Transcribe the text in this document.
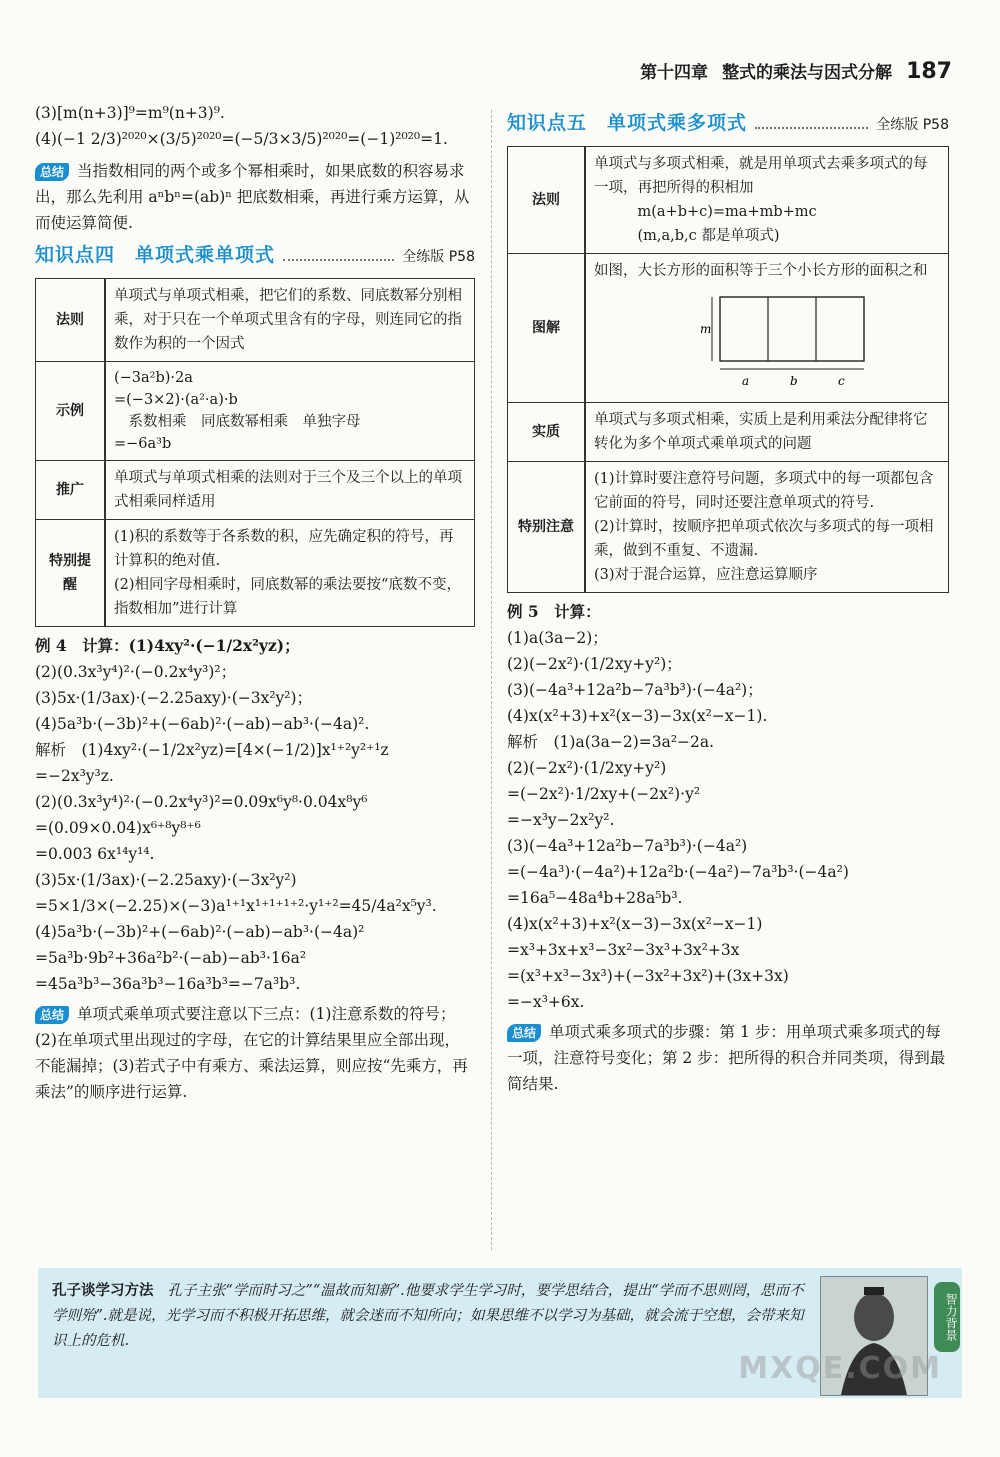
第十四章 整式的乘法与因式分解 187
(3)[m(n+3)]⁹=m⁹(n+3)⁹.
(4)(−1 2/3)²⁰²⁰×(3/5)²⁰²⁰=(−5/3×3/5)²⁰²⁰=(−1)²⁰²⁰=1.
总结 当指数相同的两个或多个幂相乘时，如果底数的积容易求出，那么先利用 aⁿbⁿ=(ab)ⁿ 把底数相乘，再进行乘方运算，从而使运算简便.
知识点四　单项式乘单项式	全练版 P58
法则	单项式与单项式相乘，把它们的系数、同底数幂分别相乘，对于只在一个单项式里含有的字母，则连同它的指数作为积的一个因式
示例	(−3a²b)·2a
=(−3×2)·(a²·a)·b
　系数相乘　同底数幂相乘　单独字母
=−6a³b
推广	单项式与单项式相乘的法则对于三个及三个以上的单项式相乘同样适用
特别提醒	(1)积的系数等于各系数的积，应先确定积的符号，再计算积的绝对值.
(2)相同字母相乘时，同底数幂的乘法要按“底数不变，指数相加”进行计算
例 4　计算：(1)4xy²·(−1/2x²yz)；
(2)(0.3x³y⁴)²·(−0.2x⁴y³)²；
(3)5x·(1/3ax)·(−2.25axy)·(−3x²y²)；
(4)5a³b·(−3b)²+(−6ab)²·(−ab)−ab³·(−4a)².
解析　(1)4xy²·(−1/2x²yz)=[4×(−1/2)]x¹⁺²y²⁺¹z
=−2x³y³z.
(2)(0.3x³y⁴)²·(−0.2x⁴y³)²=0.09x⁶y⁸·0.04x⁸y⁶
=(0.09×0.04)x⁶⁺⁸y⁸⁺⁶
=0.003 6x¹⁴y¹⁴.
(3)5x·(1/3ax)·(−2.25axy)·(−3x²y²)
=5×1/3×(−2.25)×(−3)a¹⁺¹x¹⁺¹⁺¹⁺²·y¹⁺²=45/4a²x⁵y³.
(4)5a³b·(−3b)²+(−6ab)²·(−ab)−ab³·(−4a)²
=5a³b·9b²+36a²b²·(−ab)−ab³·16a²
=45a³b³−36a³b³−16a³b³=−7a³b³.
总结 单项式乘单项式要注意以下三点：(1)注意系数的符号；(2)在单项式里出现过的字母，在它的计算结果里应全部出现，不能漏掉；(3)若式子中有乘方、乘法运算，则应按“先乘方，再乘法”的顺序进行运算.
知识点五　单项式乘多项式	全练版 P58
法则	单项式与多项式相乘，就是用单项式去乘多项式的每一项，再把所得的积相加
　　　m(a+b+c)=ma+mb+mc
　　　(m,a,b,c 都是单项式)
图解	如图，大长方形的面积等于三个小长方形的面积之和
m
a b c

实质	单项式与多项式相乘，实质上是利用乘法分配律将它转化为多个单项式乘单项式的问题
特别注意	(1)计算时要注意符号问题，多项式中的每一项都包含它前面的符号，同时还要注意单项式的符号.
(2)计算时，按顺序把单项式依次与多项式的每一项相乘，做到不重复、不遗漏.
(3)对于混合运算，应注意运算顺序
例 5　计算：
(1)a(3a−2)；
(2)(−2x²)·(1/2xy+y²)；
(3)(−4a³+12a²b−7a³b³)·(−4a²)；
(4)x(x²+3)+x²(x−3)−3x(x²−x−1).
解析　(1)a(3a−2)=3a²−2a.
(2)(−2x²)·(1/2xy+y²)
=(−2x²)·1/2xy+(−2x²)·y²
=−x³y−2x²y².
(3)(−4a³+12a²b−7a³b³)·(−4a²)
=(−4a³)·(−4a²)+12a²b·(−4a²)−7a³b³·(−4a²)
=16a⁵−48a⁴b+28a⁵b³.
(4)x(x²+3)+x²(x−3)−3x(x²−x−1)
=x³+3x+x³−3x²−3x³+3x²+3x
=(x³+x³−3x³)+(−3x²+3x²)+(3x+3x)
=−x³+6x.
总结 单项式乘多项式的步骤：第 1 步：用单项式乘多项式的每一项，注意符号变化；第 2 步：把所得的积合并同类项，得到最简结果.
孔子谈学习方法 孔子主张“学而时习之”“温故而知新”.他要求学生学习时，要学思结合，提出“学而不思则罔，思而不学则殆”.就是说，光学习而不积极开拓思维，就会迷而不知所向；如果思维不以学习为基础，就会流于空想，会带来知识上的危机.	智力背景
MXQE.COM
